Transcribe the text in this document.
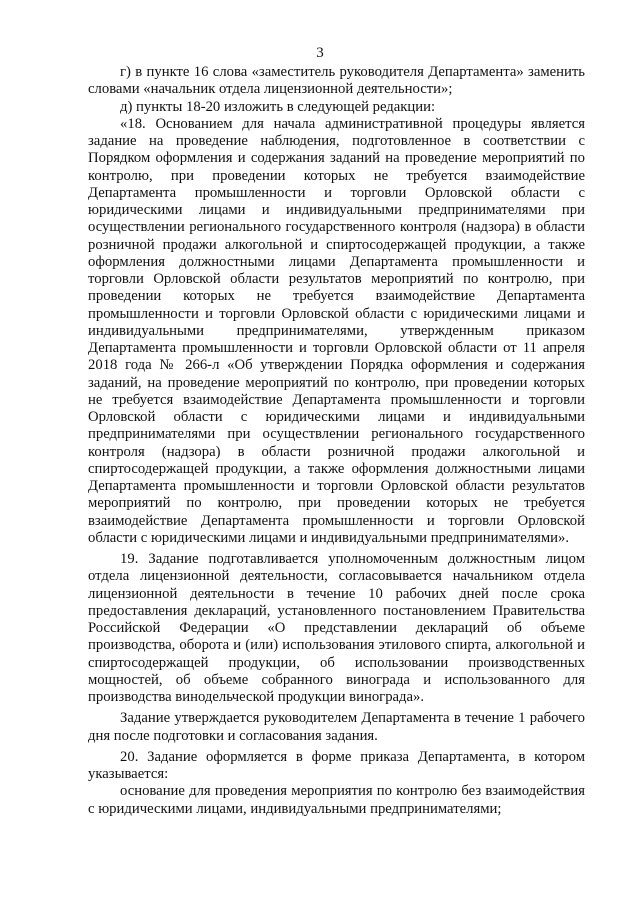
3

г) в пункте 16 слова «заместитель руководителя Департамента» заменить словами «начальник отдела лицензионной деятельности»;

д) пункты 18-20 изложить в следующей редакции:

«18. Основанием для начала административной процедуры является задание на проведение наблюдения, подготовленное в соответствии с Порядком оформления и содержания заданий на проведение мероприятий по контролю, при проведении которых не требуется взаимодействие Департамента промышленности и торговли Орловской области с юридическими лицами и индивидуальными предпринимателями при осуществлении регионального государственного контроля (надзора) в области розничной продажи алкогольной и спиртосодержащей продукции, а также оформления должностными лицами Департамента промышленности и торговли Орловской области результатов мероприятий по контролю, при проведении которых не требуется взаимодействие Департамента промышленности и торговли Орловской области с юридическими лицами и индивидуальными предпринимателями, утвержденным приказом Департамента промышленности и торговли Орловской области от 11 апреля 2018 года № 266-л «Об утверждении Порядка оформления и содержания заданий, на проведение мероприятий по контролю, при проведении которых не требуется взаимодействие Департамента промышленности и торговли Орловской области с юридическими лицами и индивидуальными предпринимателями при осуществлении регионального государственного контроля (надзора) в области розничной продажи алкогольной и спиртосодержащей продукции, а также оформления должностными лицами Департамента промышленности и торговли Орловской области результатов мероприятий по контролю, при проведении которых не требуется взаимодействие Департамента промышленности и торговли Орловской области с юридическими лицами и индивидуальными предпринимателями».

19. Задание подготавливается уполномоченным должностным лицом отдела лицензионной деятельности, согласовывается начальником отдела лицензионной деятельности в течение 10 рабочих дней после срока предоставления деклараций, установленного постановлением Правительства Российской Федерации «О представлении деклараций об объеме производства, оборота и (или) использования этилового спирта, алкогольной и спиртосодержащей продукции, об использовании производственных мощностей, об объеме собранного винограда и использованного для производства винодельческой продукции винограда».

Задание утверждается руководителем Департамента в течение 1 рабочего дня после подготовки и согласования задания.

20. Задание оформляется в форме приказа Департамента, в котором указывается:

основание для проведения мероприятия по контролю без взаимодействия с юридическими лицами, индивидуальными предпринимателями;
